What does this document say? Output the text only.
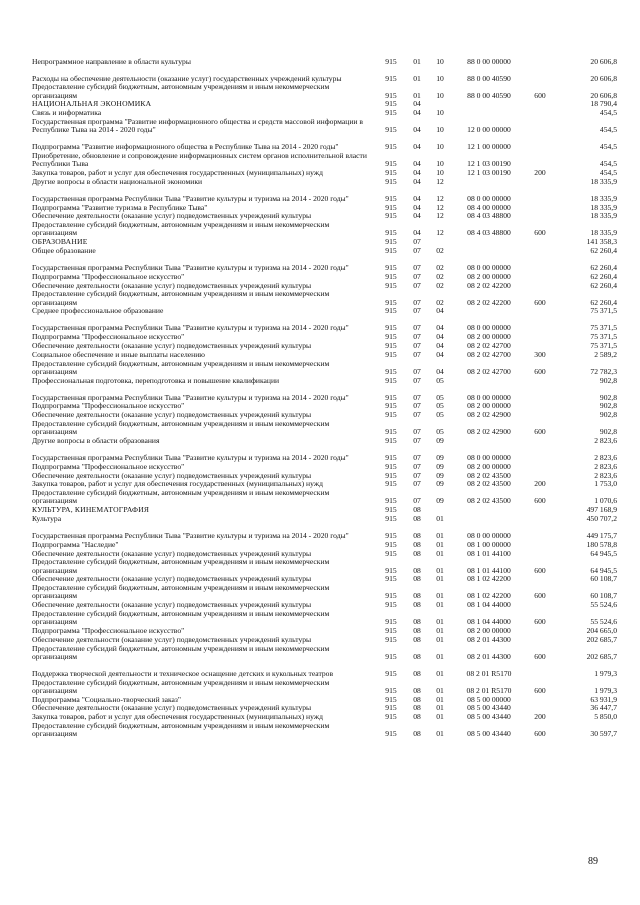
Непрограммное направление в области культуры	915	01	10	88 0 00 00000		20 606,8
Расходы на обеспечение деятельности (оказание услуг) государственных учреждений культуры	915	01	10	88 0 00 40590		20 606,8
Предоставление субсидий бюджетным, автономным учреждениям и иным некоммерческим организациям	915	01	10	88 0 00 40590	600	20 606,8
НАЦИОНАЛЬНАЯ ЭКОНОМИКА	915	04				18 790,4
Связь и информатика	915	04	10			454,5
Государственная программа "Развитие информационного общества и средств массовой информации в Республике Тыва на 2014 - 2020 годы"	915	04	10	12 0 00 00000		454,5
Подпрограмма "Развитие информационного общества в Республике Тыва на 2014 - 2020 годы"	915	04	10	12 1 00 00000		454,5
Приобретение, обновление и сопровождение информационных систем органов исполнительной власти Республики Тыва	915	04	10	12 1 03 00190		454,5
Закупка товаров, работ и услуг для обеспечения государственных (муниципальных) нужд	915	04	10	12 1 03 00190	200	454,5
Другие вопросы в области национальной экономики	915	04	12			18 335,9
Государственная программа Республики Тыва "Развитие культуры и туризма на 2014 - 2020 годы"	915	04	12	08 0 00 00000		18 335,9
Подпрограмма "Развитие туризма в Республике Тыва"	915	04	12	08 4 00 00000		18 335,9
Обеспечение деятельности (оказание услуг) подведомственных учреждений культуры	915	04	12	08 4 03 48800		18 335,9
Предоставление субсидий бюджетным, автономным учреждениям и иным некоммерческим организациям	915	04	12	08 4 03 48800	600	18 335,9
ОБРАЗОВАНИЕ	915	07				141 358,3
Общее образование	915	07	02			62 260,4
Государственная программа Республики Тыва "Развитие культуры и туризма на 2014 - 2020 годы"	915	07	02	08 0 00 00000		62 260,4
Подпрограмма "Профессиональное искусство"	915	07	02	08 2 00 00000		62 260,4
Обеспечение деятельности (оказание услуг) подведомственных учреждений культуры	915	07	02	08 2 02 42200		62 260,4
Предоставление субсидий бюджетным, автономным учреждениям и иным некоммерческим организациям	915	07	02	08 2 02 42200	600	62 260,4
Среднее профессиональное образование	915	07	04			75 371,5
Государственная программа Республики Тыва "Развитие культуры и туризма на 2014 - 2020 годы"	915	07	04	08 0 00 00000		75 371,5
Подпрограмма "Профессиональное искусство"	915	07	04	08 2 00 00000		75 371,5
Обеспечение деятельности (оказание услуг) подведомственных учреждений культуры	915	07	04	08 2 02 42700		75 371,5
Социальное обеспечение и иные выплаты населению	915	07	04	08 2 02 42700	300	2 589,2
Предоставление субсидий бюджетным, автономным учреждениям и иным некоммерческим организациям	915	07	04	08 2 02 42700	600	72 782,3
Профессиональная подготовка, переподготовка и повышение квалификации	915	07	05			902,8
Государственная программа Республики Тыва "Развитие культуры и туризма на 2014 - 2020 годы"	915	07	05	08 0 00 00000		902,8
Подпрограмма "Профессиональное искусство"	915	07	05	08 2 00 00000		902,8
Обеспечение деятельности (оказание услуг) подведомственных учреждений культуры	915	07	05	08 2 02 42900		902,8
Предоставление субсидий бюджетным, автономным учреждениям и иным некоммерческим организациям	915	07	05	08 2 02 42900	600	902,8
Другие вопросы в области образования	915	07	09			2 823,6
Государственная программа Республики Тыва "Развитие культуры и туризма на 2014 - 2020 годы"	915	07	09	08 0 00 00000		2 823,6
Подпрограмма "Профессиональное искусство"	915	07	09	08 2 00 00000		2 823,6
Обеспечение деятельности (оказание услуг) подведомственных учреждений культуры	915	07	09	08 2 02 43500		2 823,6
Закупка товаров, работ и услуг для обеспечения государственных (муниципальных) нужд	915	07	09	08 2 02 43500	200	1 753,0
Предоставление субсидий бюджетным, автономным учреждениям и иным некоммерческим организациям	915	07	09	08 2 02 43500	600	1 070,6
КУЛЬТУРА, КИНЕМАТОГРАФИЯ	915	08				497 168,9
Культура	915	08	01			450 707,2
Государственная программа Республики Тыва "Развитие культуры и туризма на 2014 - 2020 годы"	915	08	01	08 0 00 00000		449 175,7
Подпрограмма "Наследие"	915	08	01	08 1 00 00000		180 578,8
Обеспечение деятельности (оказание услуг) подведомственных учреждений культуры	915	08	01	08 1 01 44100		64 945,5
Предоставление субсидий бюджетным, автономным учреждениям и иным некоммерческим организациям	915	08	01	08 1 01 44100	600	64 945,5
Обеспечение деятельности (оказание услуг) подведомственных учреждений культуры	915	08	01	08 1 02 42200		60 108,7
Предоставление субсидий бюджетным, автономным учреждениям и иным некоммерческим организациям	915	08	01	08 1 02 42200	600	60 108,7
Обеспечение деятельности (оказание услуг) подведомственных учреждений культуры	915	08	01	08 1 04 44000		55 524,6
Предоставление субсидий бюджетным, автономным учреждениям и иным некоммерческим организациям	915	08	01	08 1 04 44000	600	55 524,6
Подпрограмма "Профессиональное искусство"	915	08	01	08 2 00 00000		204 665,0
Обеспечение деятельности (оказание услуг) подведомственных учреждений культуры	915	08	01	08 2 01 44300		202 685,7
Предоставление субсидий бюджетным, автономным учреждениям и иным некоммерческим организациям	915	08	01	08 2 01 44300	600	202 685,7
Поддержка творческой деятельности и техническое оснащение детских и кукольных театров	915	08	01	08 2 01 R5170		1 979,3
Предоставление субсидий бюджетным, автономным учреждениям и иным некоммерческим организациям	915	08	01	08 2 01 R5170	600	1 979,3
Подпрограмма "Социально-творческий заказ"	915	08	01	08 5 00 00000		63 931,9
Обеспечение деятельности (оказание услуг) подведомственных учреждений культуры	915	08	01	08 5 00 43440		36 447,7
Закупка товаров, работ и услуг для обеспечения государственных (муниципальных) нужд	915	08	01	08 5 00 43440	200	5 850,0
Предоставление субсидий бюджетным, автономным учреждениям и иным некоммерческим организациям	915	08	01	08 5 00 43440	600	30 597,7
89
